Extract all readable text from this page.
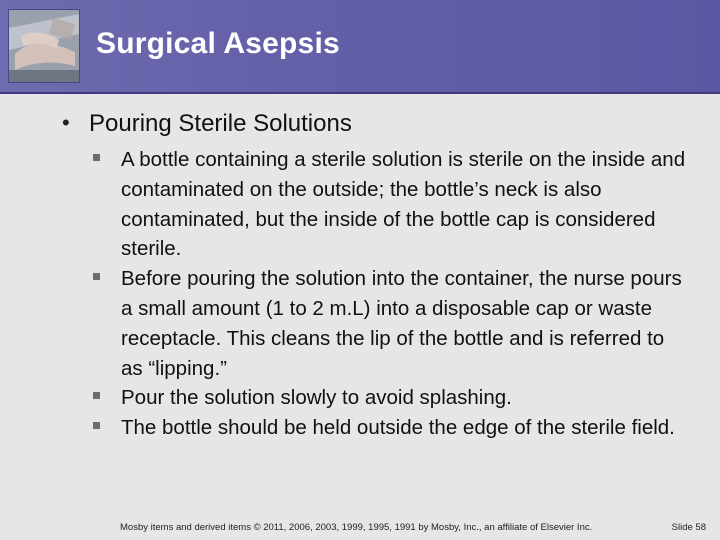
Surgical Asepsis
• Pouring Sterile Solutions
A bottle containing a sterile solution is sterile on the inside and contaminated on the outside; the bottle’s neck is also contaminated, but the inside of the bottle cap is considered sterile.
Before pouring the solution into the container, the nurse pours a small amount (1 to 2 m.L) into a disposable cap or waste receptacle. This cleans the lip of the bottle and is referred to as “lipping.”
Pour the solution slowly to avoid splashing.
The bottle should be held outside the edge of the sterile field.
Mosby items and derived items © 2011, 2006, 2003, 1999, 1995, 1991 by Mosby, Inc., an affiliate of Elsevier Inc.	Slide 58
